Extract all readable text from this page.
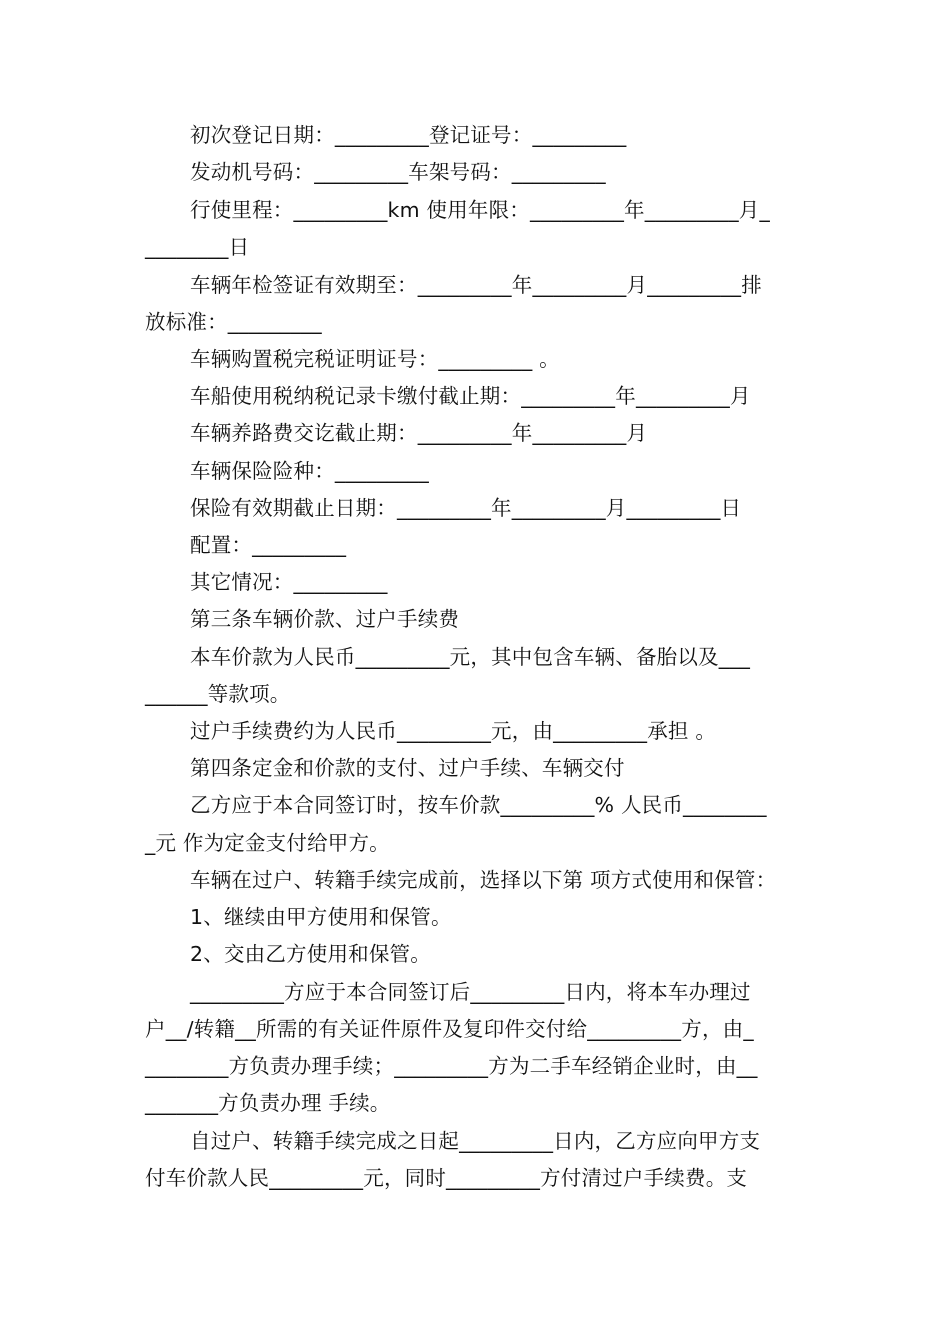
初次登记日期：_________登记证号：_________
发动机号码：_________车架号码：_________
行使里程：_________km 使用年限：_________年_________月_
________日
车辆年检签证有效期至：_________年_________月_________排
放标准：_________
车辆购置税完税证明证号：_________ 。
车船使用税纳税记录卡缴付截止期：_________年_________月
车辆养路费交讫截止期：_________年_________月
车辆保险险种：_________
保险有效期截止日期：_________年_________月_________日
配置：_________
其它情况：_________
第三条车辆价款、过户手续费
本车价款为人民币_________元，其中包含车辆、备胎以及___
______等款项。
过户手续费约为人民币_________元，由_________承担 。
第四条定金和价款的支付、过户手续、车辆交付
乙方应于本合同签订时，按车价款_________% 人民币________
_元 作为定金支付给甲方。
车辆在过户、转籍手续完成前，选择以下第 项方式使用和保管：
1、继续由甲方使用和保管。
2、交由乙方使用和保管。
_________方应于本合同签订后_________日内，将本车办理过
户__/转籍__所需的有关证件原件及复印件交付给_________方，由_
________方负责办理手续；_________方为二手车经销企业时，由__
_______方负责办理 手续。
自过户、转籍手续完成之日起_________日内，乙方应向甲方支
付车价款人民_________元，同时_________方付清过户手续费。支
